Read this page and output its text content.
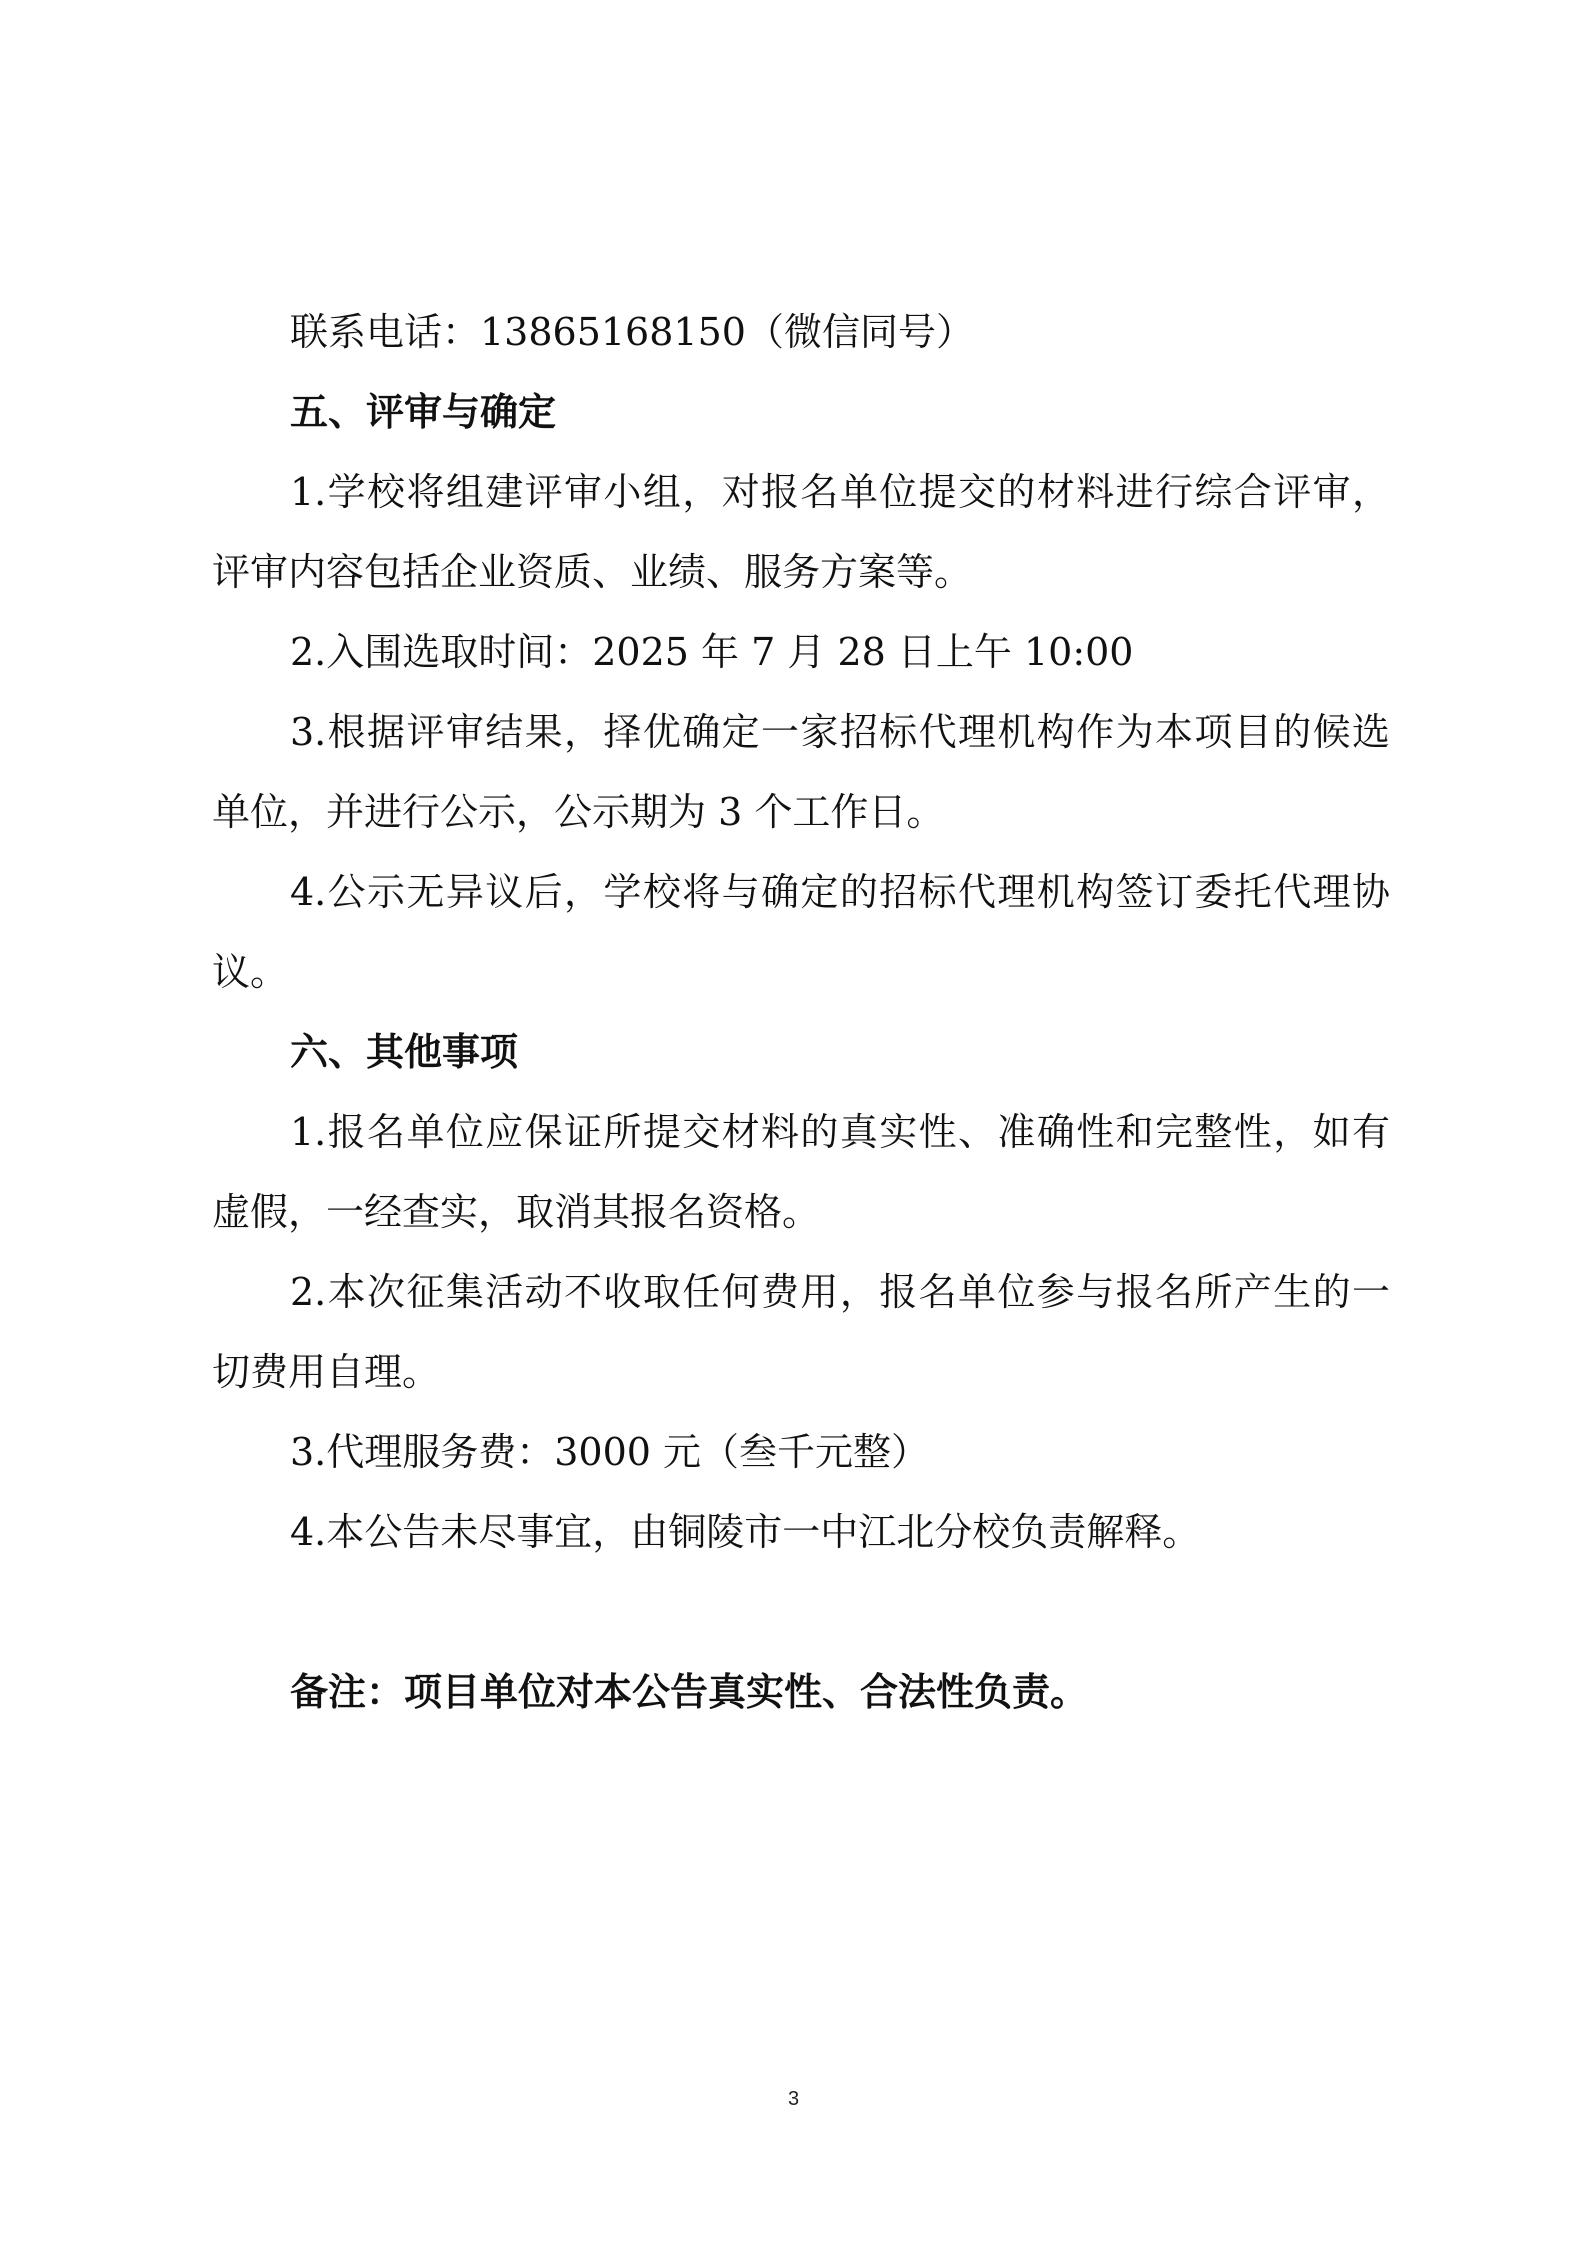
联系电话：13865168150（微信同号）

五、评审与确定

1.学校将组建评审小组，对报名单位提交的材料进行综合评审，评审内容包括企业资质、业绩、服务方案等。

2.入围选取时间：2025 年 7 月 28 日上午 10:00

3.根据评审结果，择优确定一家招标代理机构作为本项目的候选单位，并进行公示，公示期为 3 个工作日。

4.公示无异议后，学校将与确定的招标代理机构签订委托代理协议。

六、其他事项

1.报名单位应保证所提交材料的真实性、准确性和完整性，如有虚假，一经查实，取消其报名资格。

2.本次征集活动不收取任何费用，报名单位参与报名所产生的一切费用自理。

3.代理服务费：3000 元（叁千元整）

4.本公告未尽事宜，由铜陵市一中江北分校负责解释。

备注：项目单位对本公告真实性、合法性负责。

3
